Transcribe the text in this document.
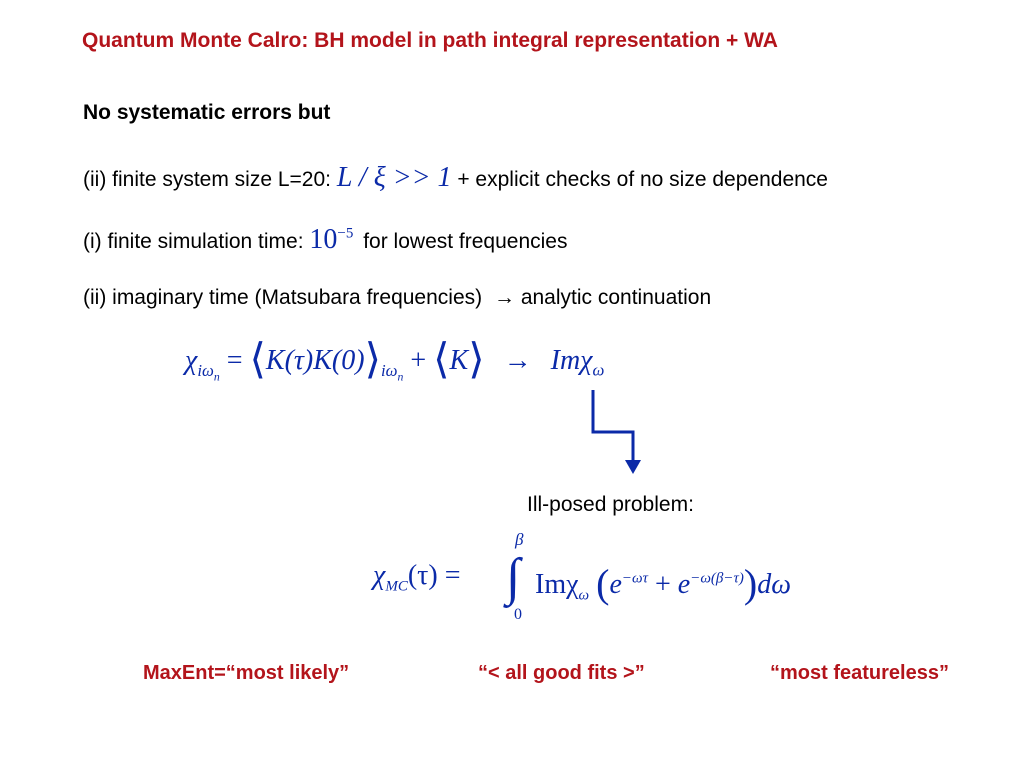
Quantum Monte Calro: BH model in path integral representation + WA
No systematic errors but
(ii) finite system size L=20: L / ξ >> 1 + explicit checks of no size dependence
(i) finite simulation time: $10^{-5}$ for lowest frequencies
(ii) imaginary time (Matsubara frequencies) → analytic continuation
$\chi_{i\omega_n}$ = $⟨K(\tau)K(0)⟩_{i\omega_n}$ + ⟨K⟩ → Imχ$_\omega$
Ill-posed problem:
$\chi_{MC}(\tau)$ =
β
∫
0
Imχ$_\omega$ $(e^{-\omega\tau} + e^{-\omega(\beta-\tau)})d\omega$
MaxEnt=“most likely”	“< all good fits >”	“most featureless”
